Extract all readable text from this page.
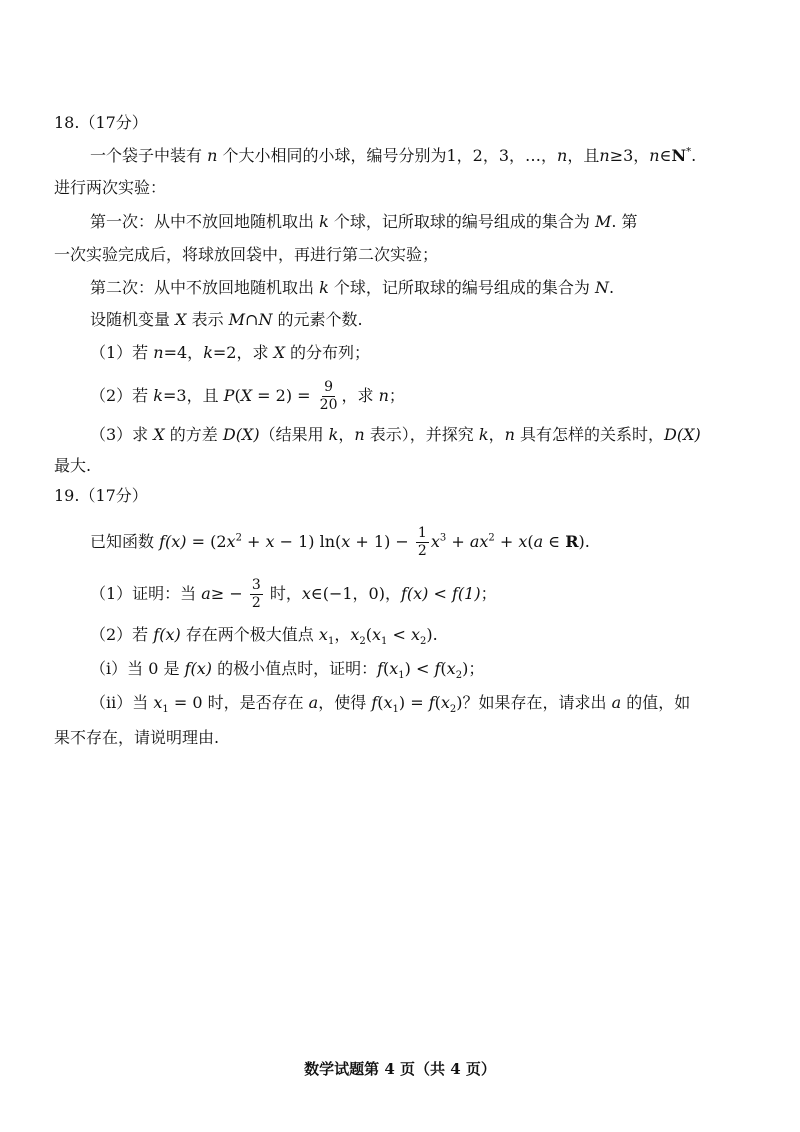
18.（17分）
一个袋子中装有 n 个大小相同的小球，编号分别为1，2，3，…，n，且n≥3，n∈N*.
进行两次实验：
第一次：从中不放回地随机取出 k 个球，记所取球的编号组成的集合为 M. 第
一次实验完成后，将球放回袋中，再进行第二次实验；
第二次：从中不放回地随机取出 k 个球，记所取球的编号组成的集合为 N.
设随机变量 X 表示 M∩N 的元素个数.
（1）若 n=4，k=2，求 X 的分布列；
（2）若 k=3，且 $P(X = 2) = \frac{9}{20}$ ，求 n；
（3）求 X 的方差 D(X)（结果用 k，n 表示），并探究 k，n 具有怎样的关系时，D(X)
最大.
19.（17分）
已知函数 $f(x) = (2x^2 + x - 1) \ln(x + 1) - \frac{1}{2} x^3 + ax^2 + x(a$ ∈ R).
（1）证明：当 $a\ge - \frac{3}{2}$ 时，x∈(−1，0)，f(x) < f(1)；
（2）若 f(x) 存在两个极大值点 $x_1$，$x_2(x_1 < x_2)$.
（i）当 0 是 f(x) 的极小值点时，证明：$f(x_1) < f(x_2)$；
（ii）当 $x_1 = 0$ 时，是否存在 a，使得 $f(x_1) = f(x_2)$？如果存在，请求出 a 的值，如
果不存在，请说明理由.
数学试题第 4 页（共 4 页）
